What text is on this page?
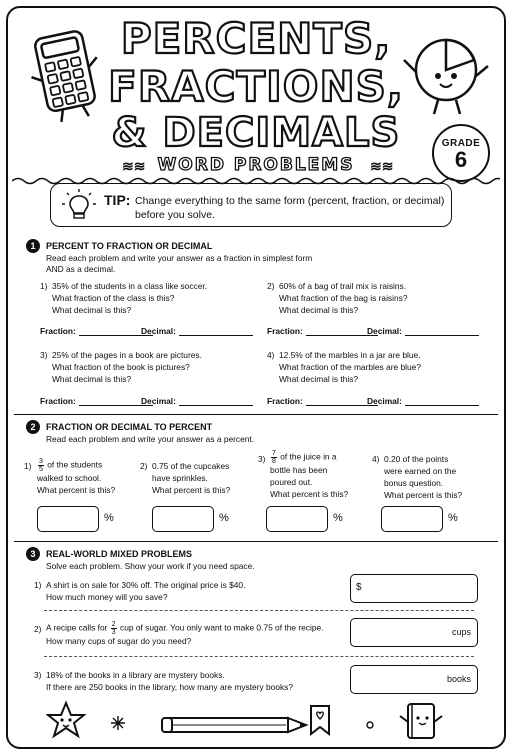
PERCENTS,
FRACTIONS,
& DECIMALS
≋≋ WORD PROBLEMS	≋≋
GRADE
6
TIP: Change everything to the same form (percent, fraction, or decimal) before you solve.
1	PERCENT TO FRACTION OR DECIMAL
Read each problem and write your answer as a fraction in simplest form
AND as a decimal.
1) 35% of the students in a class like soccer.
What fraction of the class is this?
What decimal is this?
2) 60% of a bag of trail mix is raisins.
What fraction of the bag is raisins?
What decimal is this?
Fraction:	Decimal:	Fraction:	Decimal:
3) 25% of the pages in a book are pictures.
What fraction of the book is pictures?
What decimal is this?
4) 12.5% of the marbles in a jar are blue.
What fraction of the marbles are blue?
What decimal is this?
Fraction:	Decimal:	Fraction:	Decimal:
2	FRACTION OR DECIMAL TO PERCENT
Read each problem and write your answer as a percent.
$1) \frac{3}{5}$ of the students
walked to school.
What percent is this?
2) 0.75 of the cupcakes
have sprinkles.
What percent is this?
$3) \frac{7}{8}$ of the juice in a
bottle has been
poured out.
What percent is this?
4) 0.20 of the points
were earned on the
bonus question.
What percent is this?
%	%	%	%
3	REAL-WORLD MIXED PROBLEMS
Solve each problem. Show your work if you need space.
1) A shirt is on sale for 30% off. The original price is $40.
How much money will you save?
$
2) A recipe calls for $\frac{2}{3}$ cup of sugar. You only want to make 0.75 of the recipe.
How many cups of sugar do you need?
cups
3) 18% of the books in a library are mystery books.
If there are 250 books in the library, how many are mystery books?
books
